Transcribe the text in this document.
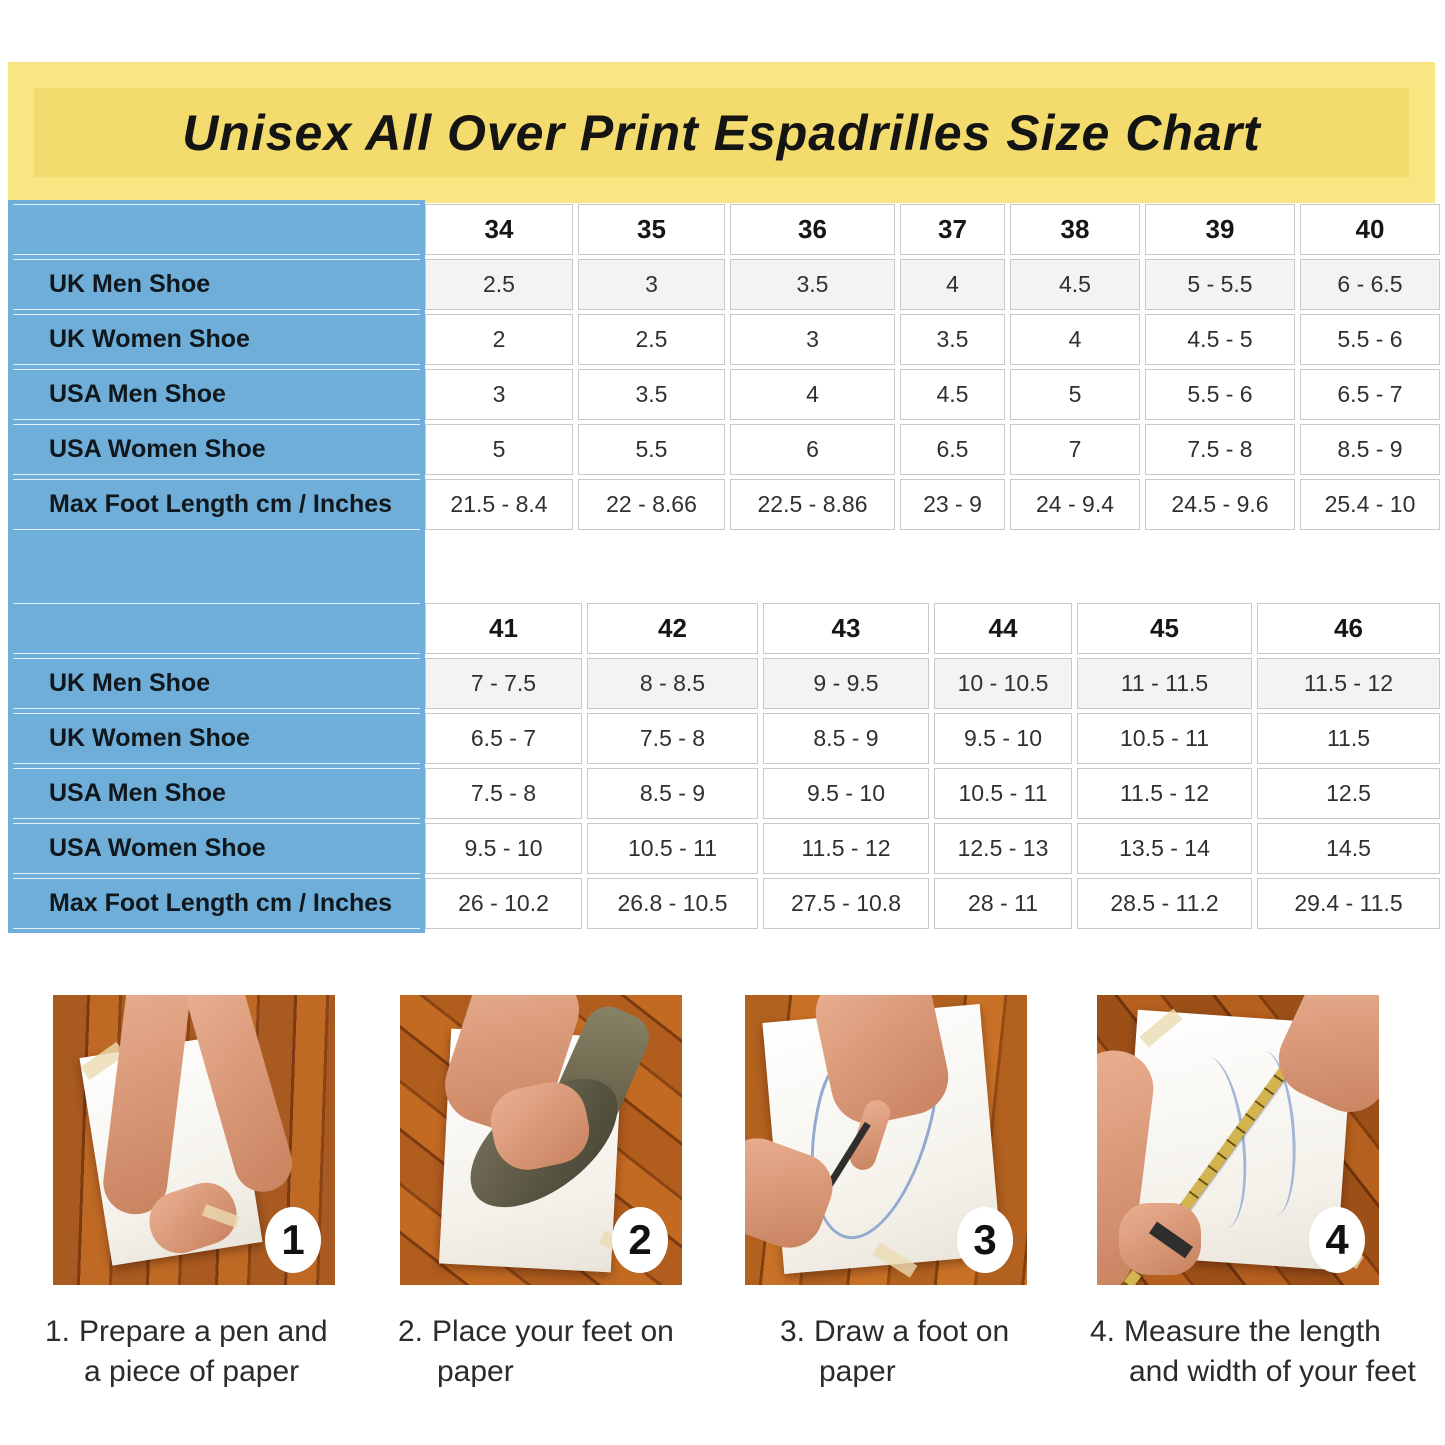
Unisex All Over Print Espadrilles Size Chart
	34	35	36	37	38	39	40
UK Men Shoe	2.5	3	3.5	4	4.5	5 - 5.5	6 - 6.5
UK Women Shoe	2	2.5	3	3.5	4	4.5 - 5	5.5 - 6
USA Men Shoe	3	3.5	4	4.5	5	5.5 - 6	6.5 - 7
USA Women Shoe	5	5.5	6	6.5	7	7.5 - 8	8.5 - 9
Max Foot Length cm / Inches	21.5 - 8.4	22 - 8.66	22.5 - 8.86	23 - 9	24 - 9.4	24.5 - 9.6	25.4 - 10
	41	42	43	44	45	46
UK Men Shoe	7 - 7.5	8 - 8.5	9 - 9.5	10 - 10.5	11 - 11.5	11.5 - 12
UK Women Shoe	6.5 - 7	7.5 - 8	8.5 - 9	9.5 - 10	10.5 - 11	11.5
USA Men Shoe	7.5 - 8	8.5 - 9	9.5 - 10	10.5 - 11	11.5 - 12	12.5
USA Women Shoe	9.5 - 10	10.5 - 11	11.5 - 12	12.5 - 13	13.5 - 14	14.5
Max Foot Length cm / Inches	26 - 10.2	26.8 - 10.5	27.5 - 10.8	28 - 11	28.5 - 11.2	29.4 - 11.5
1	2	3	4
1. Prepare a pen and
a piece of paper
2. Place your feet on
paper
3. Draw a foot on
paper
4. Measure the length
and width of your feet
